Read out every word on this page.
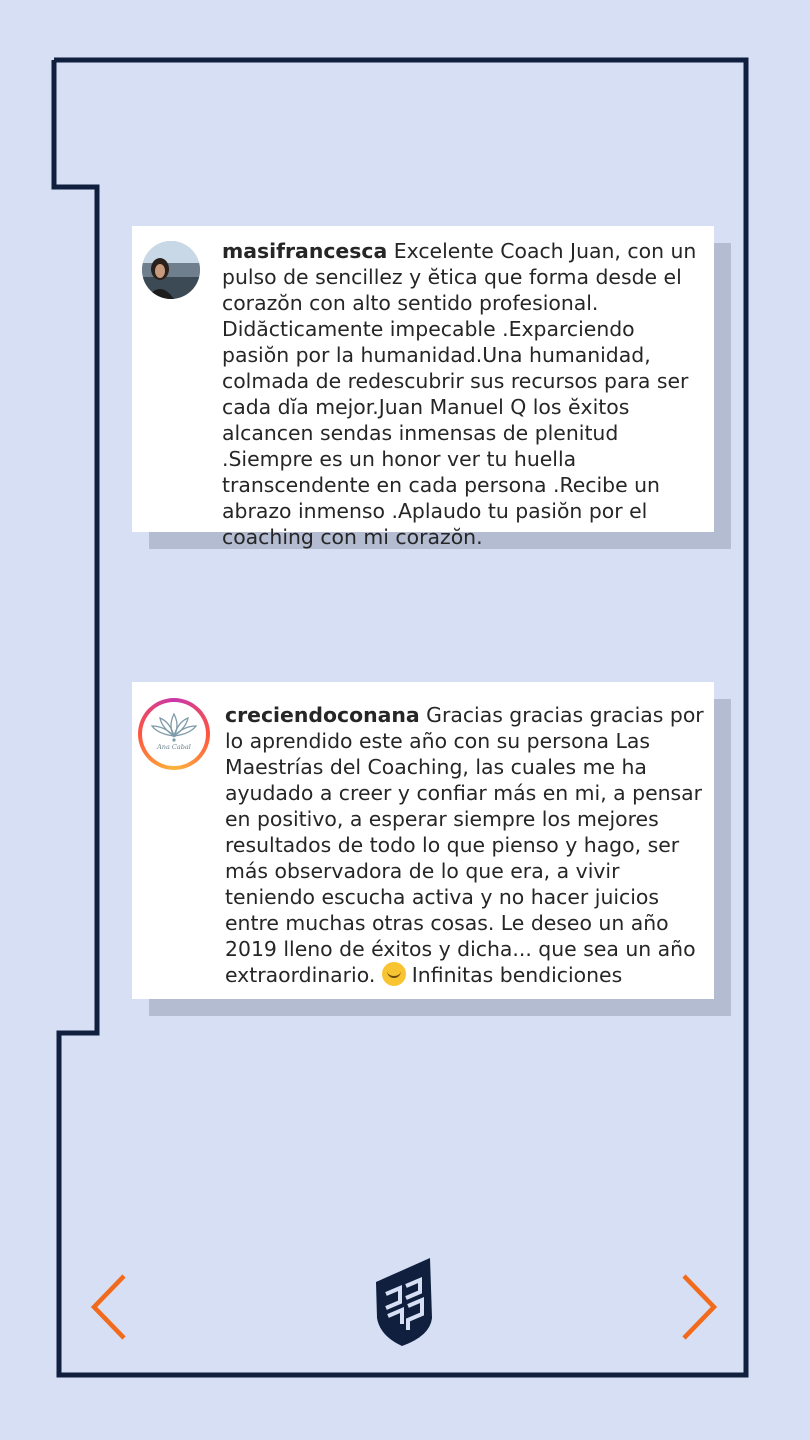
masifrancesca Excelente Coach Juan, con un pulso de sencillez y ĕtica que forma desde el corazŏn con alto sentido profesional. Didăcticamente impecable .Exparciendo pasiŏn por la humanidad.Una humanidad, colmada de redescubrir sus recursos para ser cada dĭa mejor.Juan Manuel Q los ĕxitos alcancen sendas inmensas de plenitud .Siempre es un honor ver tu huella transcendente en cada persona .Recibe un abrazo inmenso .Aplaudo tu pasiŏn por el coaching con mi corazŏn.

Ana Cabal

creciendoconana Gracias gracias gracias por lo aprendido este año con su persona Las Maestrías del Coaching, las cuales me ha ayudado a creer y confiar más en mi, a pensar en positivo, a esperar siempre los mejores resultados de todo lo que pienso y hago, ser más observadora de lo que era, a vivir teniendo escucha activa y no hacer juicios entre muchas otras cosas. Le deseo un año 2019 lleno de éxitos y dicha... que sea un año extraordinario. Infinitas bendiciones
